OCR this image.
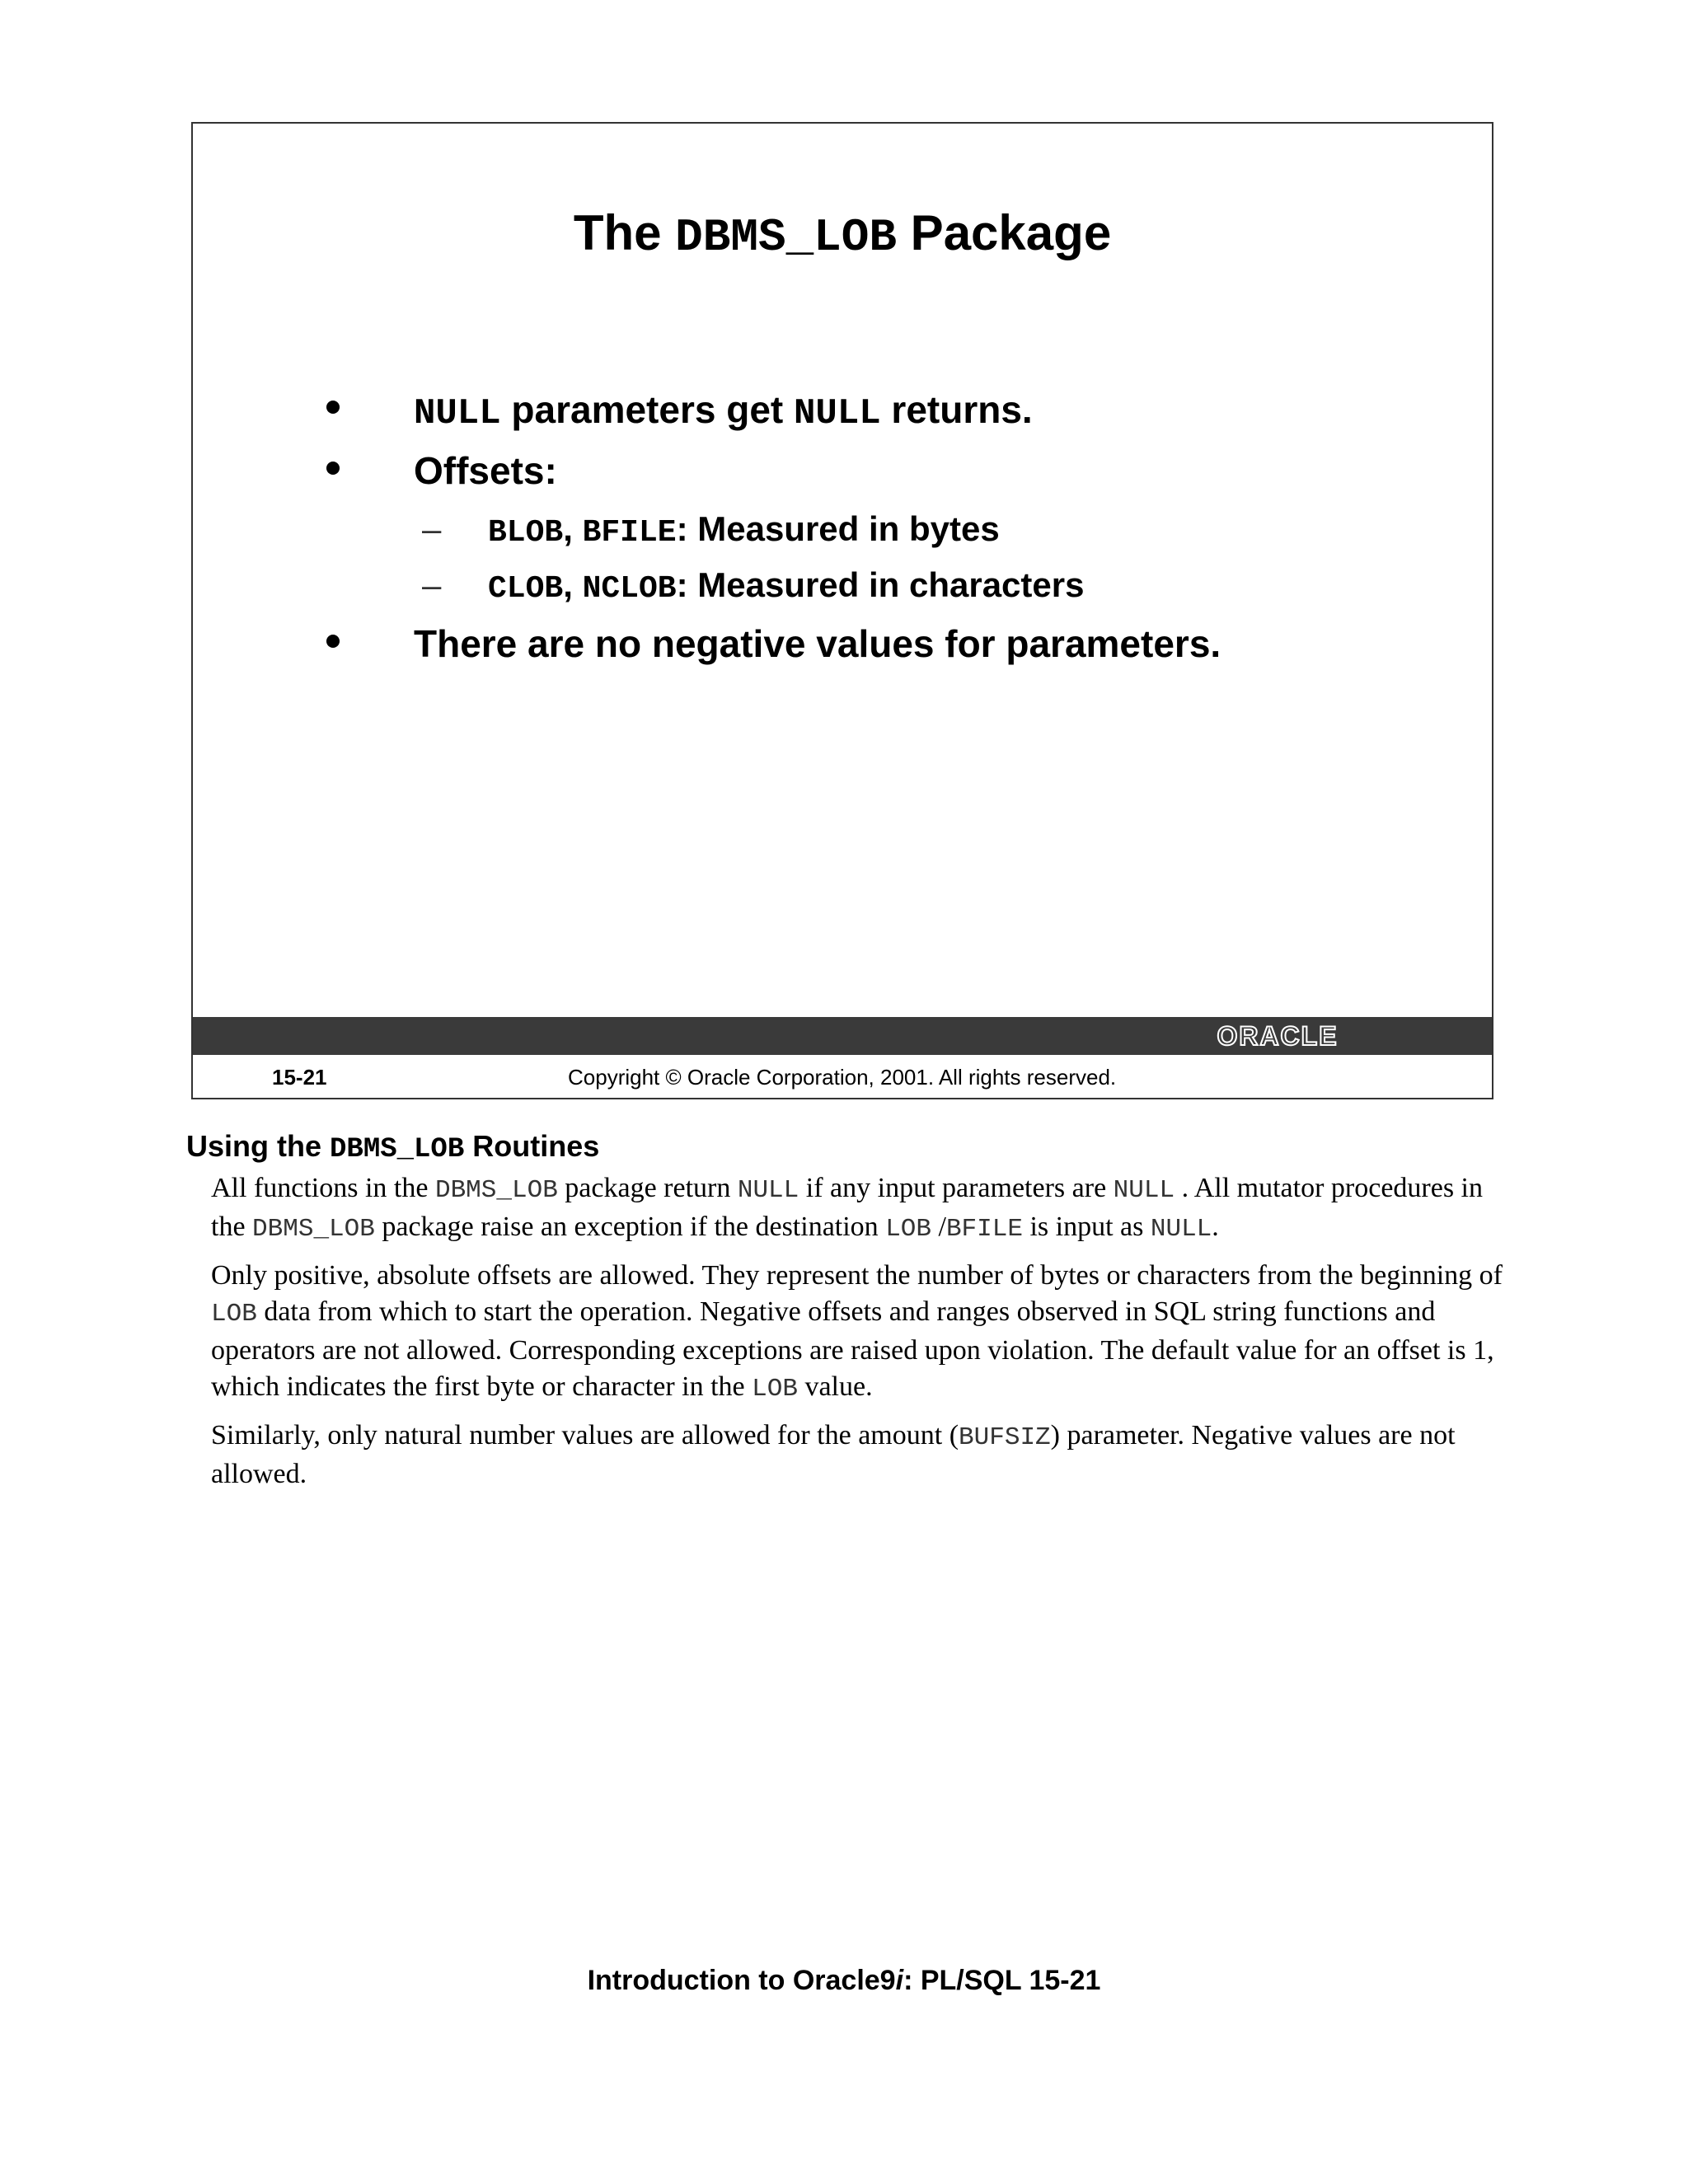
The DBMS_LOB Package
NULL parameters get NULL returns.
Offsets:
– BLOB, BFILE: Measured in bytes
– CLOB, NCLOB: Measured in characters
There are no negative values for parameters.
ORACLE
15-21	Copyright © Oracle Corporation, 2001. All rights reserved.
Using the DBMS_LOB Routines

All functions in the DBMS_LOB package return NULL if any input parameters are NULL . All mutator procedures in the DBMS_LOB package raise an exception if the destination LOB /BFILE is input as NULL.

Only positive, absolute offsets are allowed. They represent the number of bytes or characters from the beginning of LOB data from which to start the operation. Negative offsets and ranges observed in SQL string functions and operators are not allowed. Corresponding exceptions are raised upon violation. The default value for an offset is 1, which indicates the first byte or character in the LOB value.

Similarly, only natural number values are allowed for the amount (BUFSIZ) parameter. Negative values are not allowed.

Introduction to Oracle9i: PL/SQL 15-21
